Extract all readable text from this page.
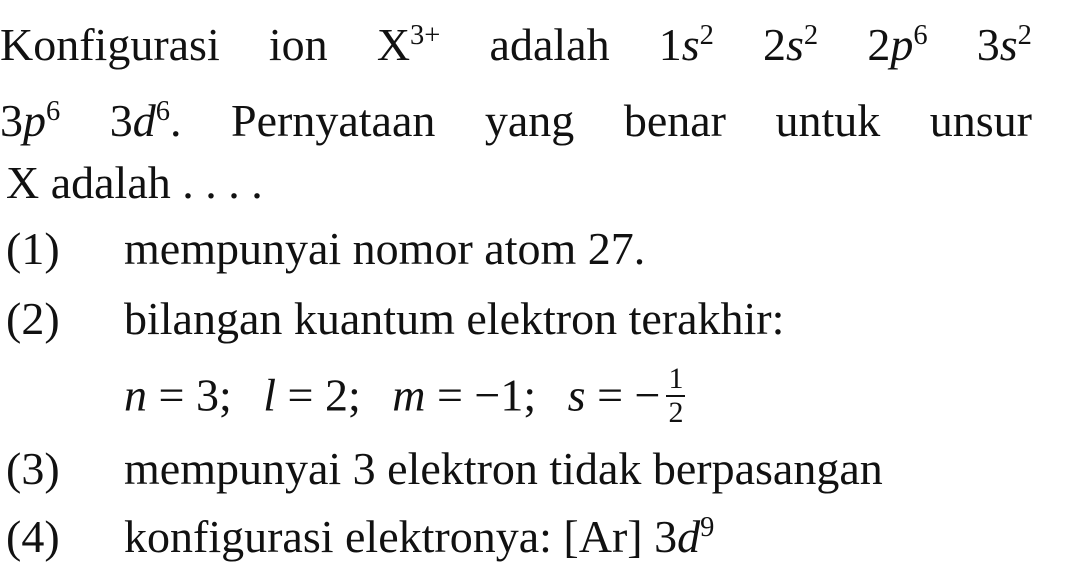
Konfigurasi ion $X^{3+}$ adalah $1s^2$ $2s^2$ $2p^6$ $3s^2$
$3p^6$ $3d^6$. Pernyataan yang benar untuk unsur
X adalah . . . .
(1) mempunyai nomor atom 27.
(2) bilangan kuantum elektron terakhir:
n = 3; l = 2; m = −1; s = − $\frac{1}{2}$
(3) mempunyai 3 elektron tidak berpasangan
(4) konfigurasi elektronya: [Ar] $3d^9$
